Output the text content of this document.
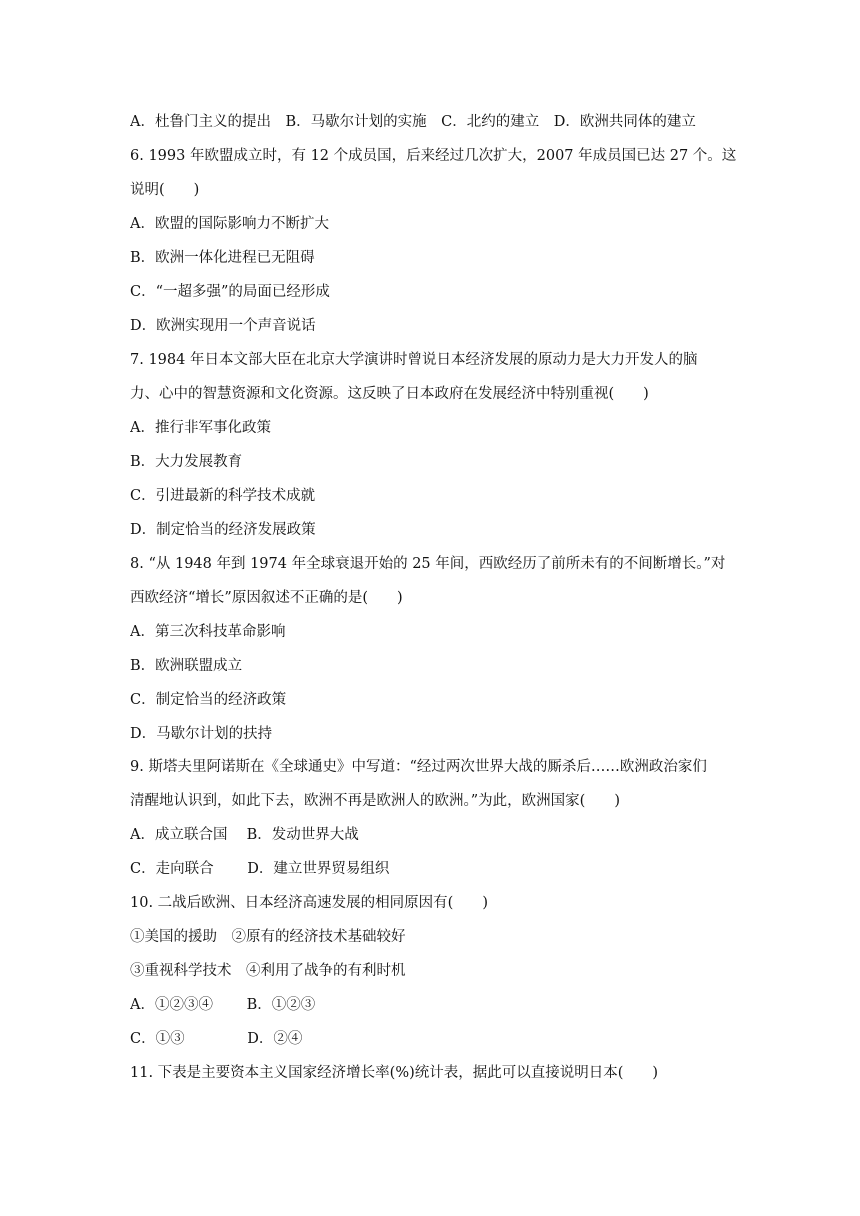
A．杜鲁门主义的提出　B．马歇尔计划的实施　C．北约的建立　D．欧洲共同体的建立
6. 1993 年欧盟成立时，有 12 个成员国，后来经过几次扩大，2007 年成员国已达 27 个。这
说明(　　)
A．欧盟的国际影响力不断扩大
B．欧洲一体化进程已无阻碍
C．“一超多强”的局面已经形成
D．欧洲实现用一个声音说话
7. 1984 年日本文部大臣在北京大学演讲时曾说日本经济发展的原动力是大力开发人的脑
力、心中的智慧资源和文化资源。这反映了日本政府在发展经济中特别重视(　　)
A．推行非军事化政策
B．大力发展教育
C．引进最新的科学技术成就
D．制定恰当的经济发展政策
8. “从 1948 年到 1974 年全球衰退开始的 25 年间，西欧经历了前所未有的不间断增长。”对
西欧经济“增长”原因叙述不正确的是(　　)
A．第三次科技革命影响
B．欧洲联盟成立
C．制定恰当的经济政策
D．马歇尔计划的扶持
9. 斯塔夫里阿诺斯在《全球通史》中写道：“经过两次世界大战的厮杀后……欧洲政治家们
清醒地认识到，如此下去，欧洲不再是欧洲人的欧洲。”为此，欧洲国家(　　)
A．成立联合国　 B．发动世界大战
C．走向联合　　 D．建立世界贸易组织
10. 二战后欧洲、日本经济高速发展的相同原因有(　　)
①美国的援助　②原有的经济技术基础较好
③重视科学技术　④利用了战争的有利时机
A．①②③④　　 B．①②③
C．①③　　　　 D．②④
11. 下表是主要资本主义国家经济增长率(%)统计表，据此可以直接说明日本(　　)
